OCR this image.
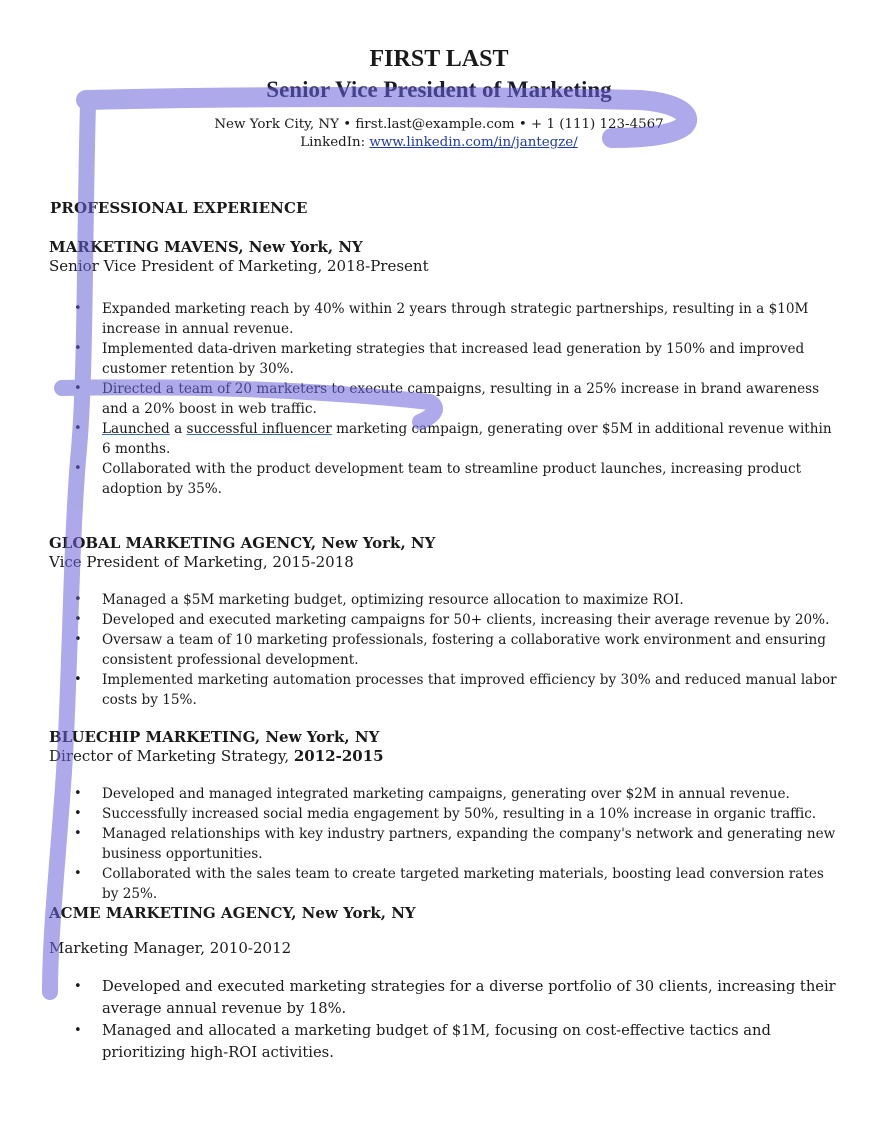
FIRST LAST

Senior Vice President of Marketing

New York City, NY • first.last@example.com • + 1 (111) 123-4567
LinkedIn: www.linkedin.com/in/jantegze/

PROFESSIONAL EXPERIENCE

MARKETING MAVENS, New York, NY

Senior Vice President of Marketing, 2018-Present

• Expanded marketing reach by 40% within 2 years through strategic partnerships, resulting in a $10M increase in annual revenue.
• Implemented data-driven marketing strategies that increased lead generation by 150% and improved customer retention by 30%.
• Directed a team of 20 marketers to execute campaigns, resulting in a 25% increase in brand awareness and a 20% boost in web traffic.
• Launched a successful influencer marketing campaign, generating over $5M in additional revenue within 6 months.
• Collaborated with the product development team to streamline product launches, increasing product adoption by 35%.

GLOBAL MARKETING AGENCY, New York, NY

Vice President of Marketing, 2015-2018

• Managed a $5M marketing budget, optimizing resource allocation to maximize ROI.
• Developed and executed marketing campaigns for 50+ clients, increasing their average revenue by 20%.
• Oversaw a team of 10 marketing professionals, fostering a collaborative work environment and ensuring consistent professional development.
• Implemented marketing automation processes that improved efficiency by 30% and reduced manual labor costs by 15%.

BLUECHIP MARKETING, New York, NY

Director of Marketing Strategy, 2012-2015

• Developed and managed integrated marketing campaigns, generating over $2M in annual revenue.
• Successfully increased social media engagement by 50%, resulting in a 10% increase in organic traffic.
• Managed relationships with key industry partners, expanding the company's network and generating new business opportunities.
• Collaborated with the sales team to create targeted marketing materials, boosting lead conversion rates by 25%.

ACME MARKETING AGENCY, New York, NY

Marketing Manager, 2010-2012

• Developed and executed marketing strategies for a diverse portfolio of 30 clients, increasing their average annual revenue by 18%.
• Managed and allocated a marketing budget of $1M, focusing on cost-effective tactics and prioritizing high-ROI activities.
